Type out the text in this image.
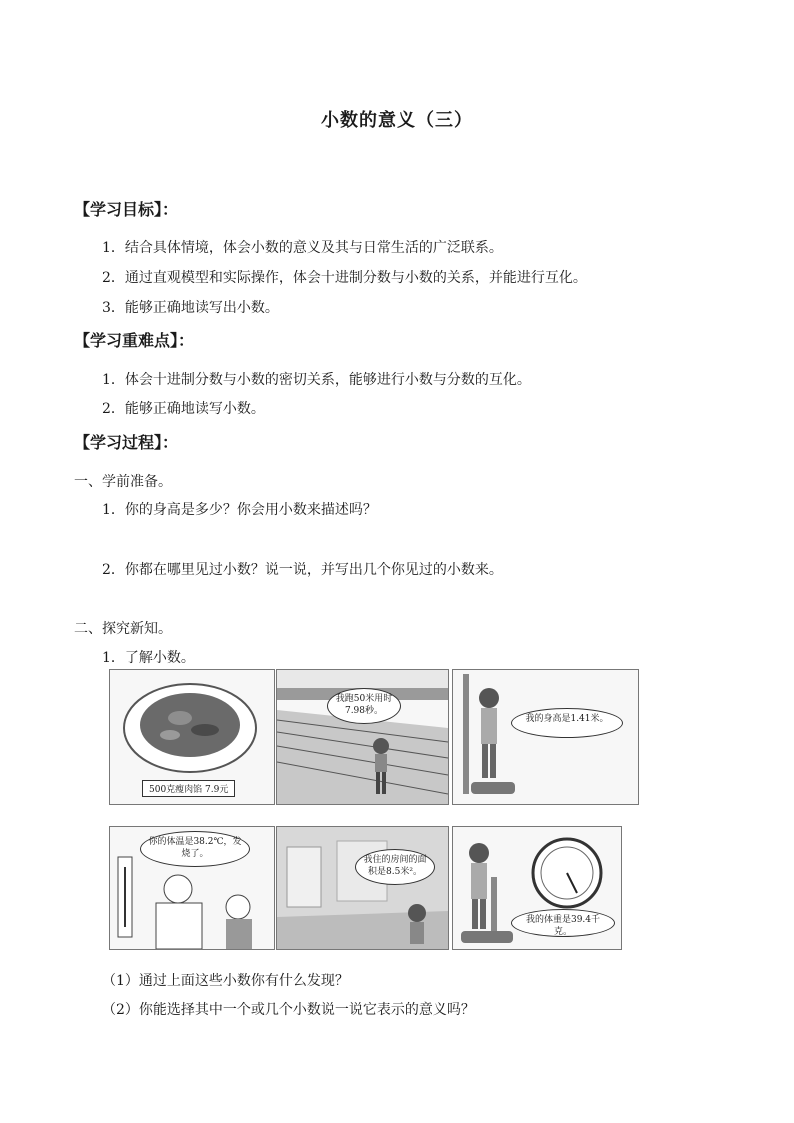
小数的意义（三）
【学习目标】：
1．结合具体情境，体会小数的意义及其与日常生活的广泛联系。
2．通过直观模型和实际操作，体会十进制分数与小数的关系，并能进行互化。
3．能够正确地读写出小数。
【学习重难点】：
1．体会十进制分数与小数的密切关系，能够进行小数与分数的互化。
2．能够正确地读写小数。
【学习过程】：
一、学前准备。
1．你的身高是多少？你会用小数来描述吗？
2．你都在哪里见过小数？说一说，并写出几个你见过的小数来。
二、探究新知。
1．了解小数。
500克瘦肉馅 7.9元
我跑50米用时7.98秒。
我的身高是1.41米。
你的体温是38.2℃，发烧了。
我住的房间的面积是8.5米²。
我的体重是39.4千克。
（1）通过上面这些小数你有什么发现？
（2）你能选择其中一个或几个小数说一说它表示的意义吗？
